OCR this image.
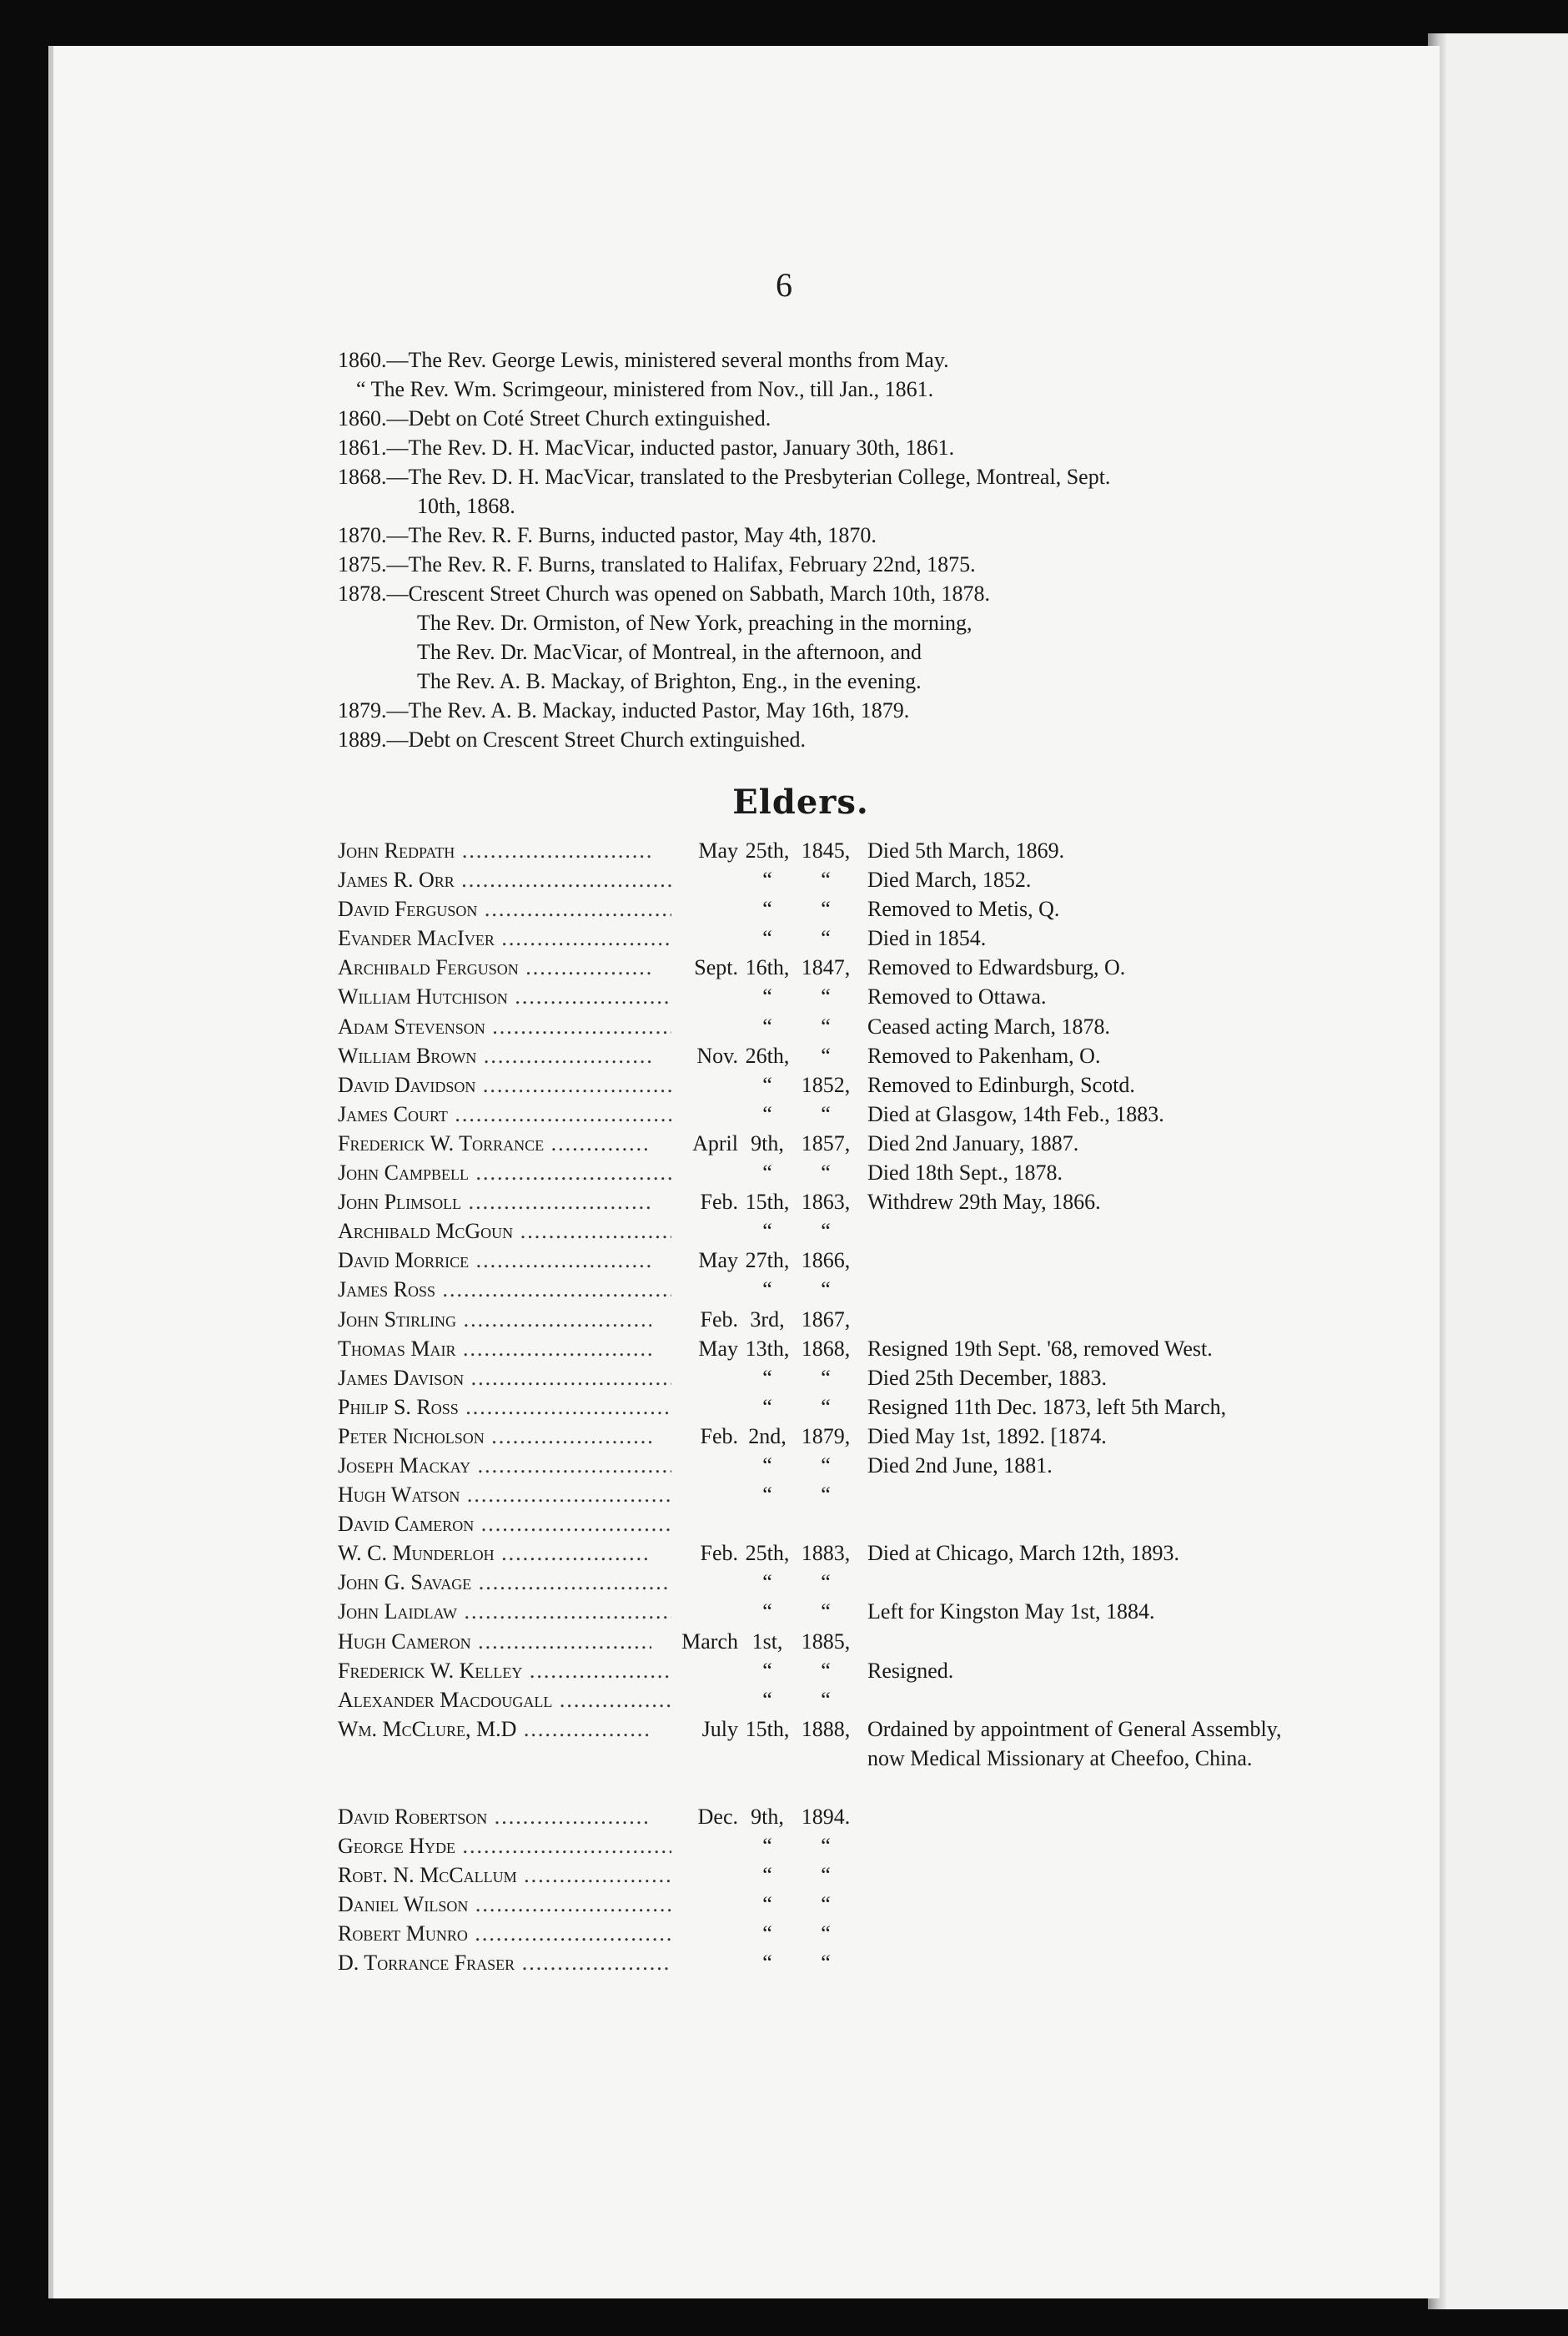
6
1860.—The Rev. George Lewis, ministered several months from May.
“ The Rev. Wm. Scrimgeour, ministered from Nov., till Jan., 1861.
1860.—Debt on Coté Street Church extinguished.
1861.—The Rev. D. H. MacVicar, inducted pastor, January 30th, 1861.
1868.—The Rev. D. H. MacVicar, translated to the Presbyterian College, Montreal, Sept.
10th, 1868.
1870.—The Rev. R. F. Burns, inducted pastor, May 4th, 1870.
1875.—The Rev. R. F. Burns, translated to Halifax, February 22nd, 1875.
1878.—Crescent Street Church was opened on Sabbath, March 10th, 1878.
The Rev. Dr. Ormiston, of New York, preaching in the morning,
The Rev. Dr. MacVicar, of Montreal, in the afternoon, and
The Rev. A. B. Mackay, of Brighton, Eng., in the evening.
1879.—The Rev. A. B. Mackay, inducted Pastor, May 16th, 1879.
1889.—Debt on Crescent Street Church extinguished.
Elders.
John Redpath .....	May 25th, 1845, Died 5th March, 1869.
James R. Orr .....	“	“	Died March, 1852.
David Ferguson .....	“	“	Removed to Metis, Q.
Evander MacIver .....	“	“	Died in 1854.
Archibald Ferguson .....	Sept. 16th, 1847, Removed to Edwardsburg, O.
William Hutchison .....	“	“	Removed to Ottawa.
Adam Stevenson .....	“	“	Ceased acting March, 1878.
William Brown .....	Nov. 26th,	“	Removed to Pakenham, O.
David Davidson .....	“	1852, Removed to Edinburgh, Scotd.
James Court .....	“	“	Died at Glasgow, 14th Feb., 1883.
Frederick W. Torrance .....	April 9th, 1857, Died 2nd January, 1887.
John Campbell .....	“	“	Died 18th Sept., 1878.
John Plimsoll .....	Feb. 15th, 1863, Withdrew 29th May, 1866.
Archibald McGoun .....	“	“
David Morrice .....	May 27th, 1866,
James Ross .....	“	“
John Stirling .....	Feb. 3rd, 1867,
Thomas Mair .....	May 13th, 1868, Resigned 19th Sept. '68, removed West.
James Davison .....	“	“	Died 25th December, 1883.
Philip S. Ross .....	“	“	Resigned 11th Dec. 1873, left 5th March,
Peter Nicholson .....	Feb. 2nd, 1879, Died May 1st, 1892. [1874.
Joseph Mackay .....	“	“	Died 2nd June, 1881.
Hugh Watson .....	“	“
David Cameron .....
W. C. Munderloh .....	Feb. 25th, 1883, Died at Chicago, March 12th, 1893.
John G. Savage .....	“	“
John Laidlaw .....	“	“	Left for Kingston May 1st, 1884.
Hugh Cameron .....	March 1st, 1885,
Frederick W. Kelley .....	“	“	Resigned.
Alexander Macdougall .....	“	“
Wm. McClure, M.D .....	July 15th, 1888, Ordained by appointment of General Assembly, now Medical Missionary at Cheefoo, China.
David Robertson .....	Dec. 9th, 1894.
George Hyde .....	“	“
Robt. N. McCallum .....	“	“
Daniel Wilson .....	“	“
Robert Munro .....	“	“
D. Torrance Fraser .....	“	“
